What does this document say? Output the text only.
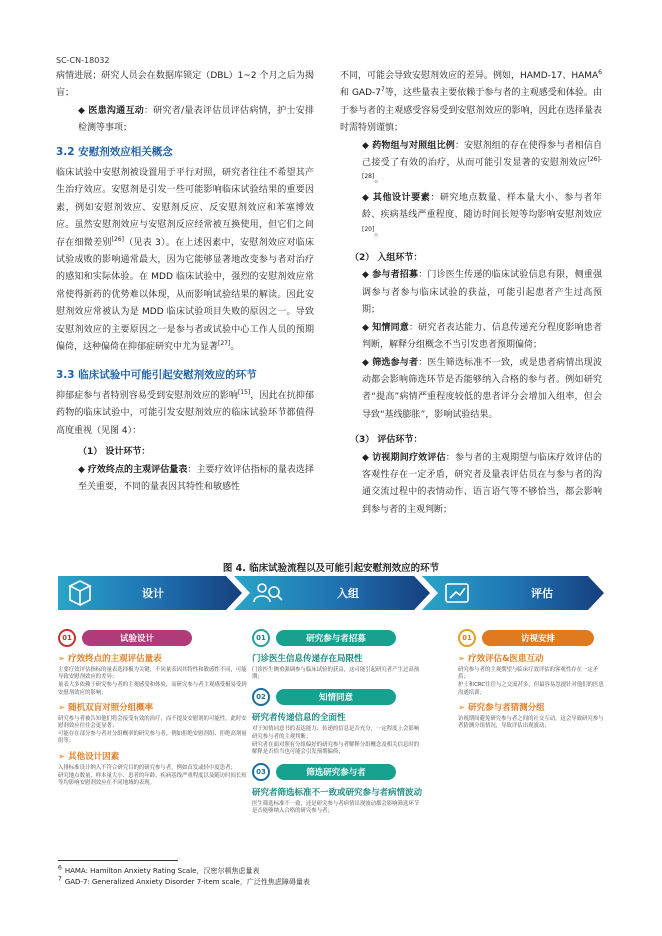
SC-CN-18032

病情进展；研究人员会在数据库锁定（DBL）1~2 个月之后为揭盲；

◆ 医患沟通互动：研究者/量表评估员评估病情，护士安排检测等事项；

3.2 安慰剂效应相关概念

临床试验中安慰剂被设置用于平行对照，研究者往往不希望其产生治疗效应。安慰剂是引发一些可能影响临床试验结果的重要因素，例如安慰剂效应、安慰剂反应、反安慰剂效应和苯塞博效应。虽然安慰剂效应与安慰剂反应经常被互换使用，但它们之间存在细微差别[26]（见表 3）。在上述因素中，安慰剂效应对临床试验成败的影响通常最大，因为它能够显著地改变参与者对治疗的感知和实际体验。在 MDD 临床试验中，强烈的安慰剂效应常常使得新药的优势难以体现，从而影响试验结果的解读。因此安慰剂效应常被认为是 MDD 临床试验项目失败的原因之一。导致安慰剂效应的主要原因之一是参与者或试验中心工作人员的预期偏倚，这种偏倚在抑郁症研究中尤为显著[27]。

3.3 临床试验中可能引起安慰剂效应的环节

抑郁症参与者特别容易受到安慰剂效应的影响[15]，因此在抗抑郁药物的临床试验中，可能引发安慰剂效应的临床试验环节都值得高度重视（见图 4）：

（1） 设计环节：

◆ 疗效终点的主观评估量表：主要疗效评估指标的量表选择至关重要，不同的量表因其特性和敏感性

不同，可能会导致安慰剂效应的差异。例如，HAMD-17、HAMA$^6$ 和 GAD-$7^7$等，这些量表主要依赖于参与者的主观感受和体验。由于参与者的主观感受容易受到安慰剂效应的影响，因此在选择量表时需特别谨慎；

◆ 药物组与对照组比例：安慰剂组的存在使得参与者相信自己接受了有效的治疗，从而可能引发显著的安慰剂效应[26]-[28]。

◆ 其他设计要素：研究地点数量、样本量大小、参与者年龄、疾病基线严重程度、随访时间长短等均影响安慰剂效应[20]。

（2） 入组环节：

◆ 参与者招募：门诊医生传递的临床试验信息有限，侧重强调参与者参与临床试验的获益，可能引起患者产生过高预期；

◆ 知情同意：研究者表达能力、信息传递充分程度影响患者判断，解释分组概念不当引发患者预期偏倚；

◆ 筛选参与者：医生筛选标准不一致，或是患者病情出现波动都会影响筛选环节是否能够纳入合格的参与者。例如研究者“提高”病情严重程度较低的患者评分会增加入组率，但会导致“基线膨胀”，影响试验结果。

（3） 评估环节：

◆ 访视期间疗效评估：参与者的主观期望与临床疗效评估的客观性存在一定矛盾，研究者及量表评估员在与参与者的沟通交流过程中的表情动作、语言语气等不够恰当，都会影响到参与者的主观判断；

图 4. 临床试验流程以及可能引起安慰剂效应的环节
设计	入组	评估
01	试验设计
➢ 疗效终点的主观评估量表

主要疗效评估指标的量表选择极为关键，不同量表因其特性和敏感性不同，可能导致安慰剂效应的差异；

量表大多依赖于研究参与者的主观感受和体验，而研究参与者主观感受极易受到安慰剂效应的影响；

➢ 随机双盲对照分组概率

研究参与者被告知他们将会接受有效的治疗，而不提及安慰剂的可能性，此时安慰剂效应往往会更显著；

可能存在部分参与者对分组概率的研究参与者，例如拒绝安慰剂组、拒绝高剂量组等；

➢ 其他设计因素

入排标准设计纳入不符合研究目的的研究参与者，例如首发或轻中度患者；

研究地点数量、样本量大小、患者的年龄、疾病基线严重程度以及随访时间长短等均影响安慰剂效应在不同地域的表现。

01	研究参与者招募
门诊医生信息传递存在局限性

门诊医生侧重强调参与临床试验的获益，这可能引起研究者产生过高预期；

02	知情同意
研究者传递信息的全面性

对于知情同意书的表达能力、传递的信息是否充分，一定程度上会影响研究参与者的主观判断；

研究者在面对照有分组偏好的研究参与者解释分组概念及相关信息时的解释是否恰当也可能会引发预期偏倚；

03	筛选研究参与者
研究者筛选标准不一致或研究参与者病情波动

医生筛选标准不一致，还是研究参与者病情出现波动都会影响筛选环节是否能够纳入合格的研究参与者；

01	访视安排
➢ 疗效评估&医患互动

研究参与者的主观期望与临床疗效评估的客观性存在一定矛盾；

护士和CRC往往与之交流甚多，但最容易忽视针对他们的医患沟通培训；

➢ 研究参与者猜测分组

访视期间避免研究参与者之间的社交互动，这会导致研究参与者猜测分组情况，导致评估出现波动；

6 HAMA: Hamilton Anxiety Rating Scale，汉密尔顿焦虑量表
7 GAD-7: Generalized Anxiety Disorder 7-item scale，广泛性焦虑障碍量表
